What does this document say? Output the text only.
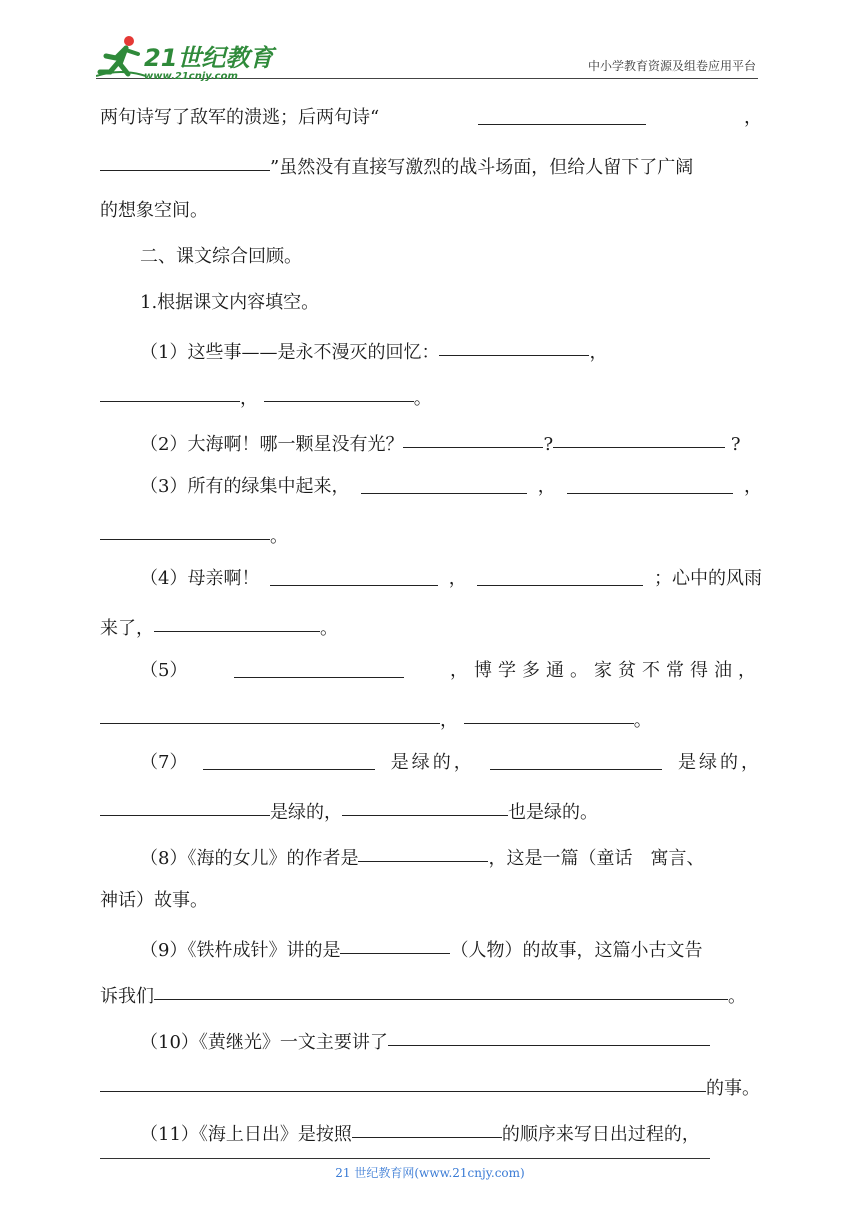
21世纪教育
www.21cnjy.com
中小学教育资源及组卷应用平台
两句诗写了敌军的溃逃；后两句诗“	，
”虽然没有直接写激烈的战斗场面，但给人留下了广阔
的想象空间。
二、课文综合回顾。
1.根据课文内容填空。
（1）这些事——是永不漫灭的回忆：	，
，	。
（2）大海啊！哪一颗星没有光？	?	?
（3）所有的绿集中起来，	，	，
。
（4）母亲啊！	，	；心中的风雨
来了，	。
（5）	，博学多通。家贫不常得油，
，	。
（7）	是绿的，	是绿的，
是绿的，	也是绿的。
（8）《海的女儿》的作者是	，这是一篇（童话　寓言、
神话）故事。
（9）《铁杵成针》讲的是	（人物）的故事，这篇小古文告
诉我们	。
（10）《黄继光》一文主要讲了
的事。
（11）《海上日出》是按照	的顺序来写日出过程的，
21 世纪教育网(www.21cnjy.com)
